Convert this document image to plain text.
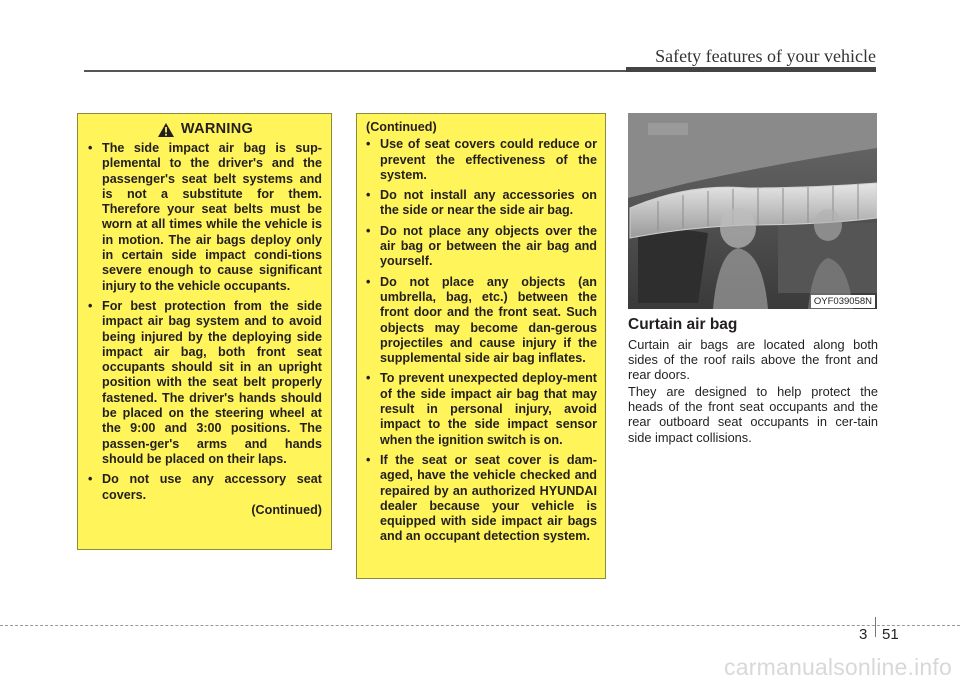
Safety features of your vehicle
WARNING
• The side impact air bag is sup-plemental to the driver's and the passenger's seat belt systems and is not a substitute for them. Therefore your seat belts must be worn at all times while the vehicle is in motion. The air bags deploy only in certain side impact condi-tions severe enough to cause significant injury to the vehicle occupants.
• For best protection from the side impact air bag system and to avoid being injured by the deploying side impact air bag, both front seat occupants should sit in an upright position with the seat belt properly fastened. The driver's hands should be placed on the steering wheel at the 9:00 and 3:00 positions. The passen-ger's arms and hands should be placed on their laps.
• Do not use any accessory seat covers.
(Continued)
(Continued)
• Use of seat covers could reduce or prevent the effectiveness of the system.
• Do not install any accessories on the side or near the side air bag.
• Do not place any objects over the air bag or between the air bag and yourself.
• Do not place any objects (an umbrella, bag, etc.) between the front door and the front seat. Such objects may become dan-gerous projectiles and cause injury if the supplemental side air bag inflates.
• To prevent unexpected deploy-ment of the side impact air bag that may result in personal injury, avoid impact to the side impact sensor when the ignition switch is on.
• If the seat or seat cover is dam-aged, have the vehicle checked and repaired by an authorized HYUNDAI dealer because your vehicle is equipped with side impact air bags and an occupant detection system.
OYF039058N
Curtain air bag
Curtain air bags are located along both sides of the roof rails above the front and rear doors.
They are designed to help protect the heads of the front seat occupants and the rear outboard seat occupants in cer-tain side impact collisions.
3 51
carmanualsonline.info
